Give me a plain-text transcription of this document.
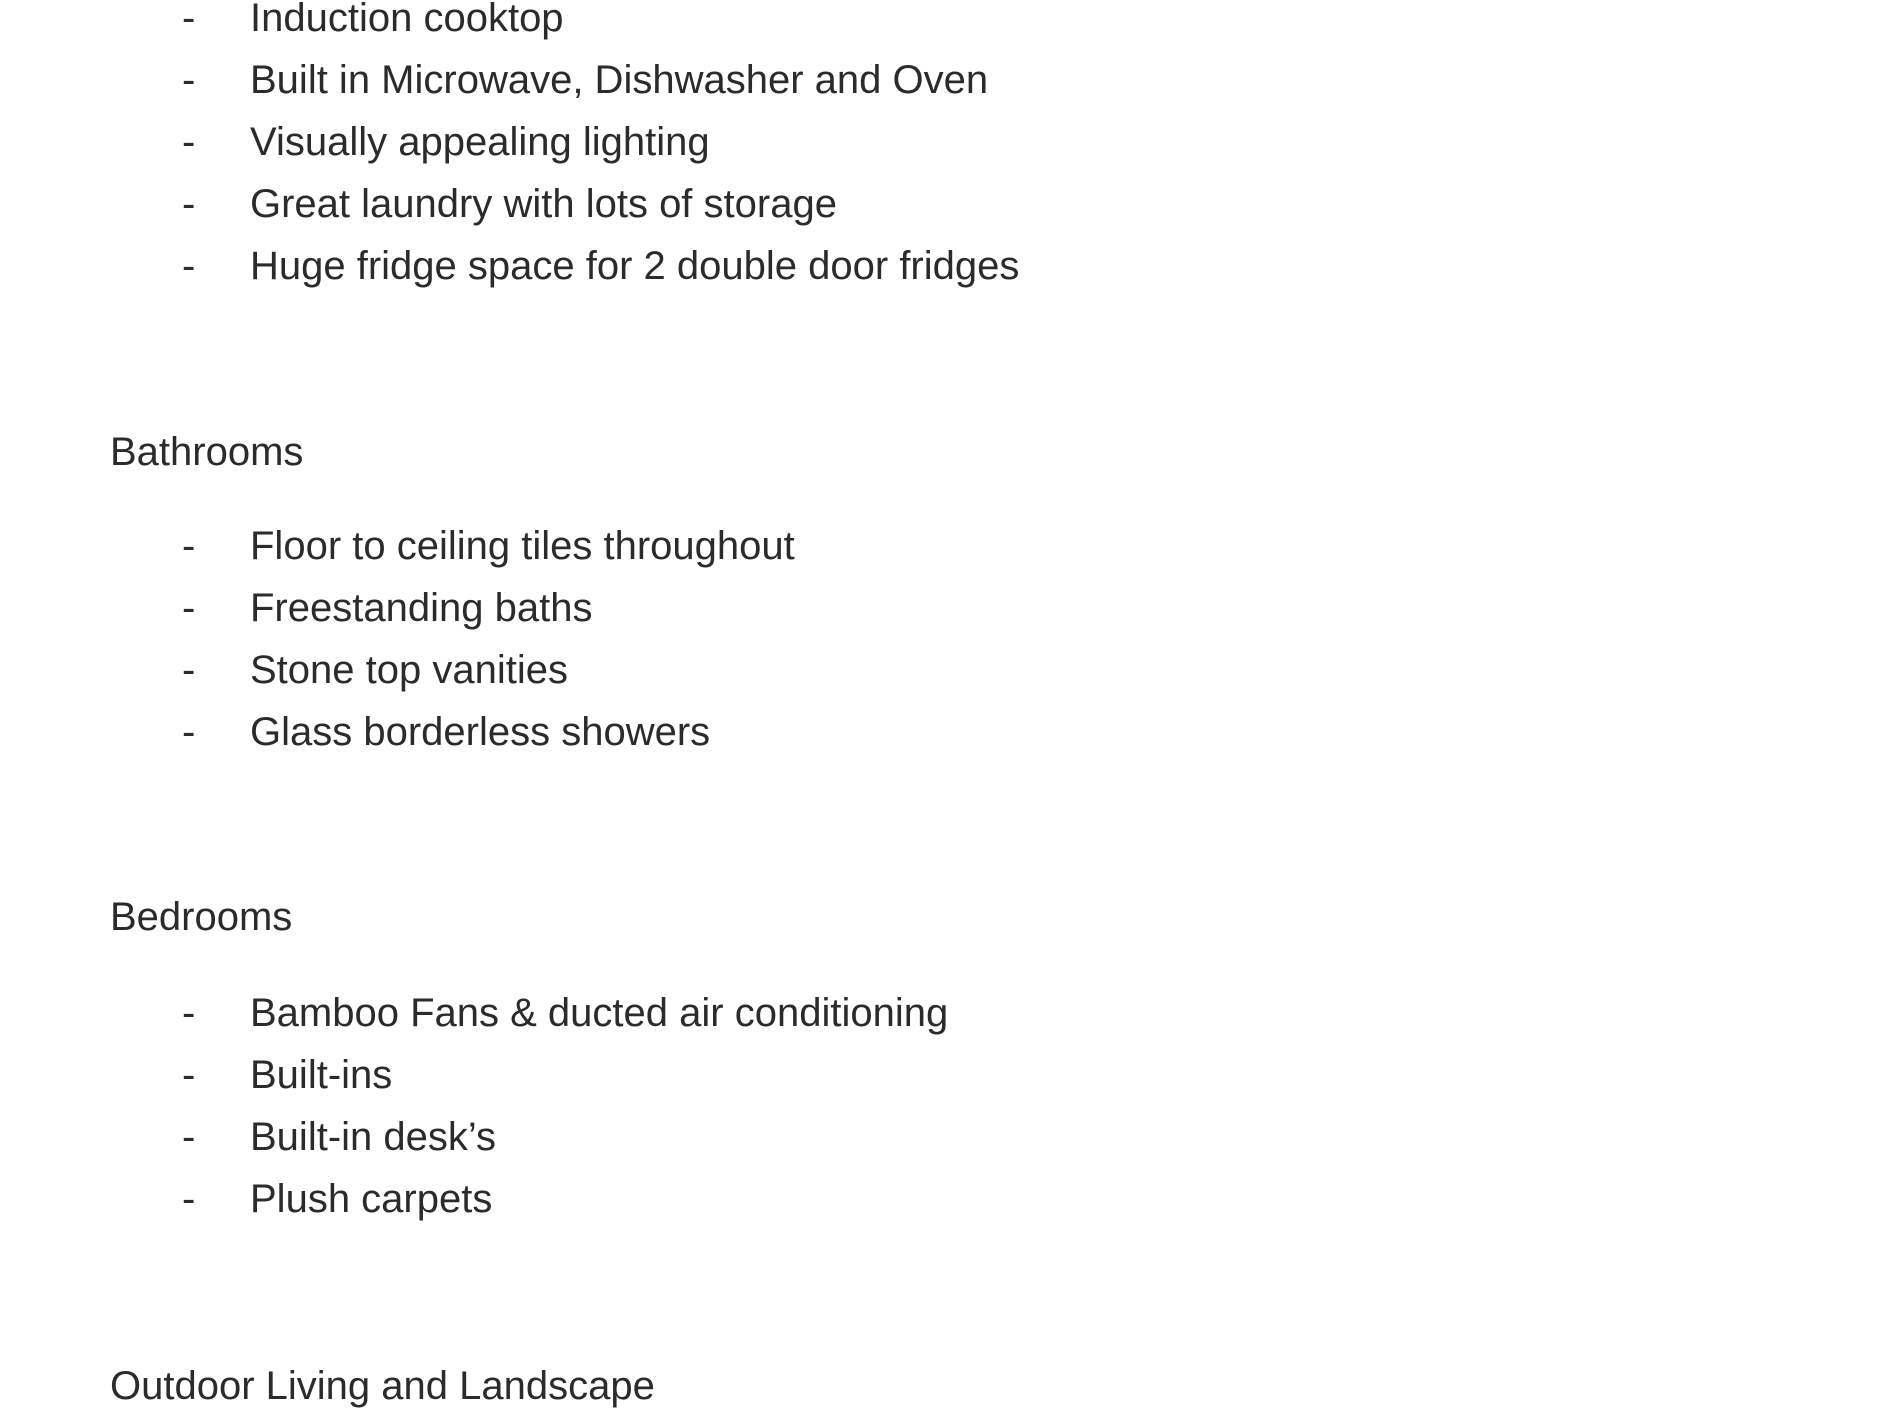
- Induction cooktop
- Built in Microwave, Dishwasher and Oven
- Visually appealing lighting
- Great laundry with lots of storage
- Huge fridge space for 2 double door fridges
Bathrooms
- Floor to ceiling tiles throughout
- Freestanding baths
- Stone top vanities
- Glass borderless showers
Bedrooms
- Bamboo Fans & ducted air conditioning
- Built-ins
- Built-in desk’s
- Plush carpets
Outdoor Living and Landscape
